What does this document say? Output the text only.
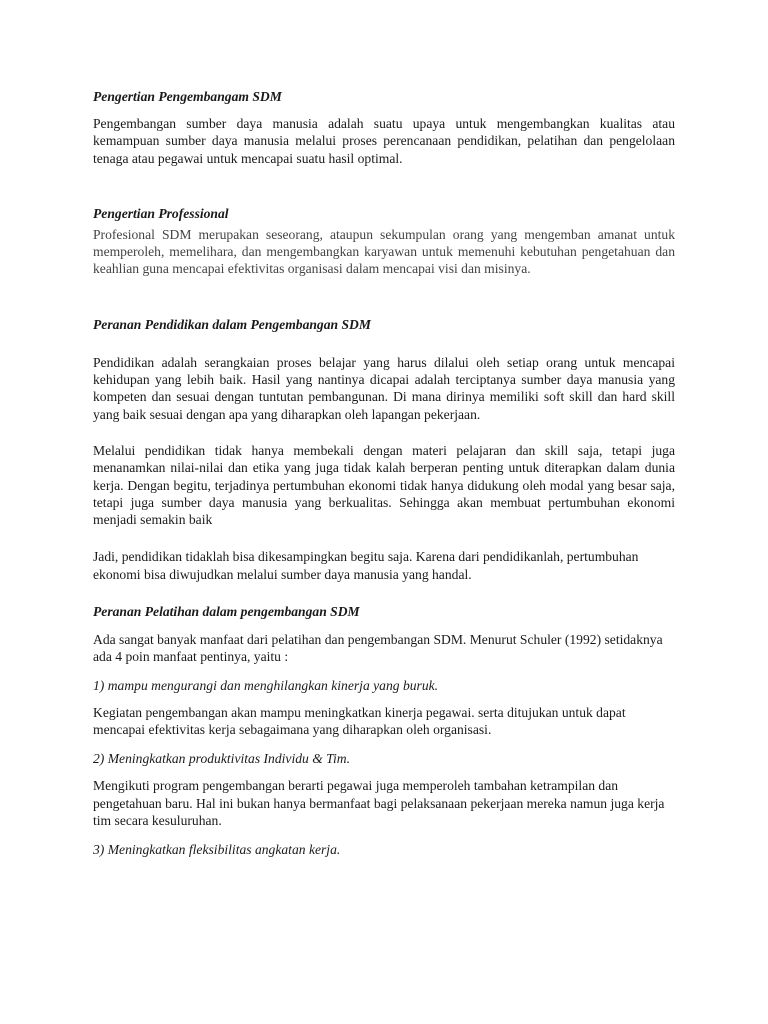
Pengertian Pengembangam SDM

Pengembangan sumber daya manusia adalah suatu upaya untuk mengembangkan kualitas atau kemampuan sumber daya manusia melalui proses perencanaan pendidikan, pelatihan dan pengelolaan tenaga atau pegawai untuk mencapai suatu hasil optimal.

Pengertian Professional

Profesional SDM merupakan seseorang, ataupun sekumpulan orang yang mengemban amanat untuk memperoleh, memelihara, dan mengembangkan karyawan untuk memenuhi kebutuhan pengetahuan dan keahlian guna mencapai efektivitas organisasi dalam mencapai visi dan misinya.

Peranan Pendidikan dalam Pengembangan SDM

Pendidikan adalah serangkaian proses belajar yang harus dilalui oleh setiap orang untuk mencapai kehidupan yang lebih baik. Hasil yang nantinya dicapai adalah terciptanya sumber daya manusia yang kompeten dan sesuai dengan tuntutan pembangunan. Di mana dirinya memiliki soft skill dan hard skill yang baik sesuai dengan apa yang diharapkan oleh lapangan pekerjaan.

Melalui pendidikan tidak hanya membekali dengan materi pelajaran dan skill saja, tetapi juga menanamkan nilai-nilai dan etika yang juga tidak kalah berperan penting untuk diterapkan dalam dunia kerja. Dengan begitu, terjadinya pertumbuhan ekonomi tidak hanya didukung oleh modal yang besar saja, tetapi juga sumber daya manusia yang berkualitas. Sehingga akan membuat pertumbuhan ekonomi menjadi semakin baik

Jadi, pendidikan tidaklah bisa dikesampingkan begitu saja. Karena dari pendidikanlah, pertumbuhan ekonomi bisa diwujudkan melalui sumber daya manusia yang handal.

Peranan Pelatihan dalam pengembangan SDM

Ada sangat banyak manfaat dari pelatihan dan pengembangan SDM. Menurut Schuler (1992) setidaknya ada 4 poin manfaat pentinya, yaitu :

1) mampu mengurangi dan menghilangkan kinerja yang buruk.

Kegiatan pengembangan akan mampu meningkatkan kinerja pegawai. serta ditujukan untuk dapat mencapai efektivitas kerja sebagaimana yang diharapkan oleh organisasi.

2) Meningkatkan produktivitas Individu & Tim.

Mengikuti program pengembangan berarti pegawai juga memperoleh tambahan ketrampilan dan pengetahuan baru. Hal ini bukan hanya bermanfaat bagi pelaksanaan pekerjaan mereka namun juga kerja tim secara kesuluruhan.

3) Meningkatkan fleksibilitas angkatan kerja.
